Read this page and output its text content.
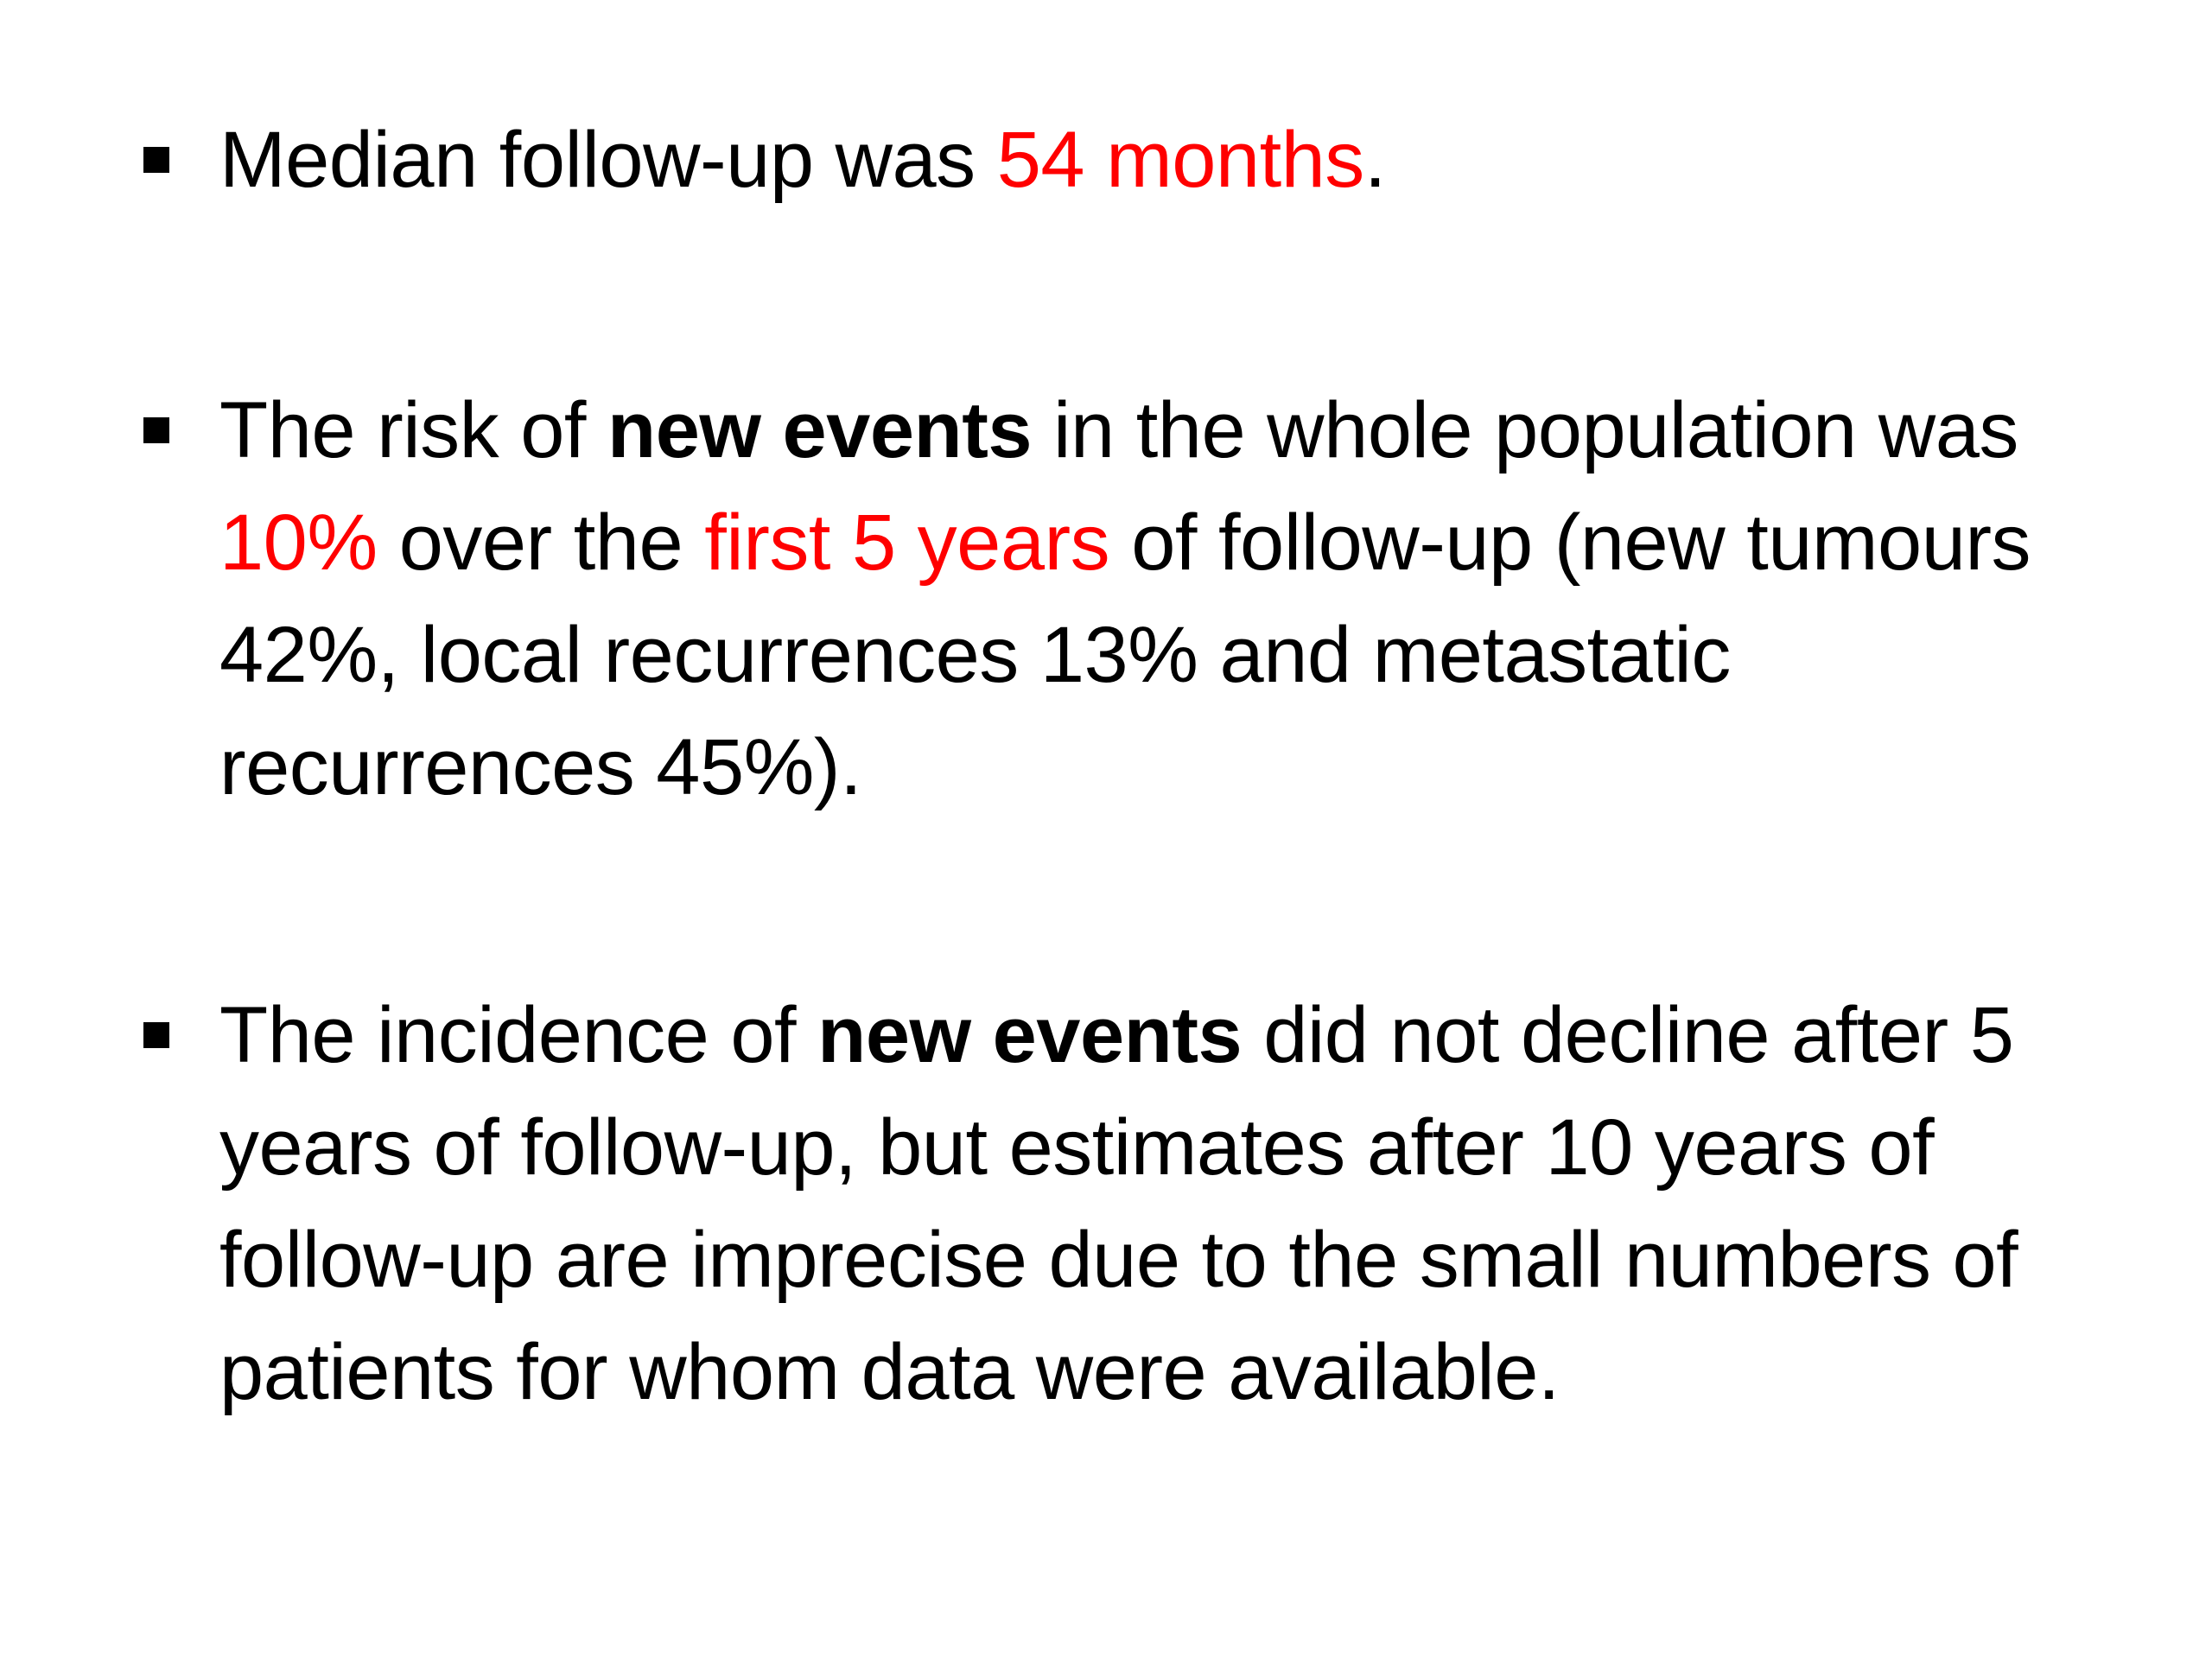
Median follow-up was 54 months.
The risk of new events in the whole population was 10% over the first 5 years of follow-up (new tumours 42%, local recurrences 13% and metastatic recurrences 45%).
The incidence of new events did not decline after 5 years of follow-up, but estimates after 10 years of follow-up are imprecise due to the small numbers of patients for whom data were available.
